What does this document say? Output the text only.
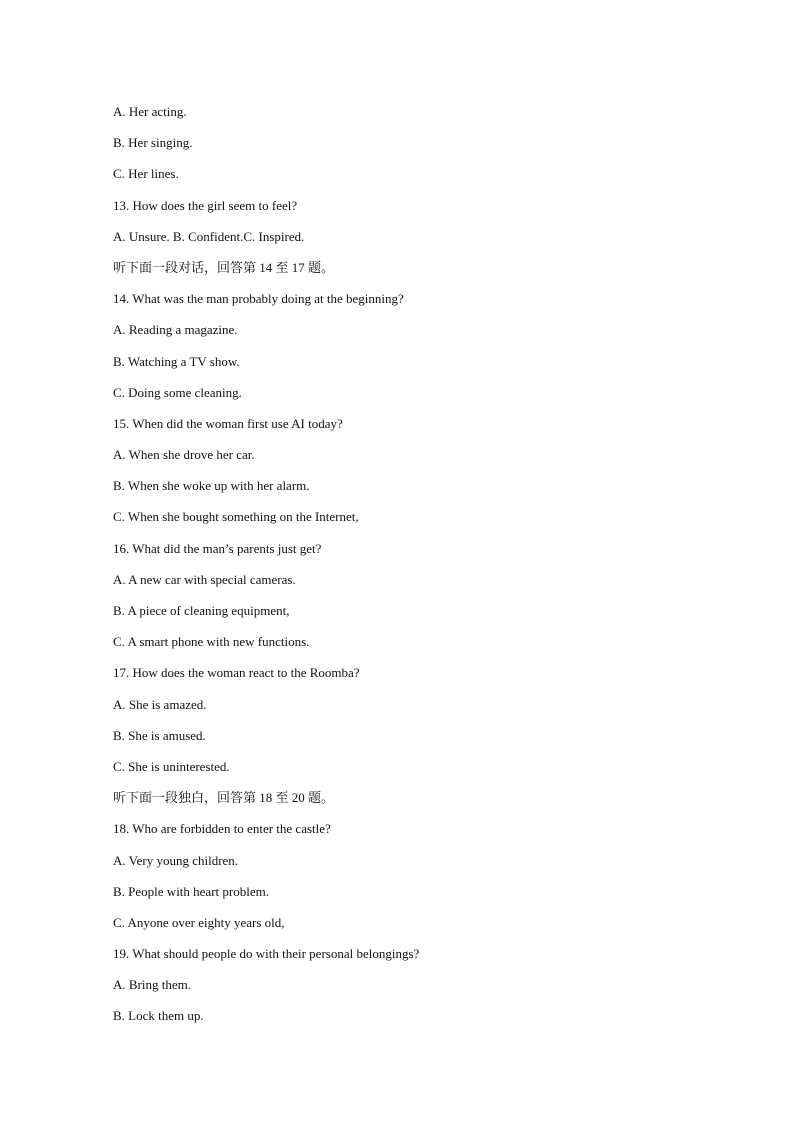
A. Her acting.
B. Her singing.
C. Her lines.
13. How does the girl seem to feel?
A. Unsure. B. Confident.C. Inspired.
听下面一段对话，回答第 14 至 17 题。
14. What was the man probably doing at the beginning?
A. Reading a magazine.
B. Watching a TV show.
C. Doing some cleaning.
15. When did the woman first use AI today?
A. When she drove her car.
B. When she woke up with her alarm.
C. When she bought something on the Internet,
16. What did the man’s parents just get?
A. A new car with special cameras.
B. A piece of cleaning equipment,
C. A smart phone with new functions.
17. How does the woman react to the Roomba?
A. She is amazed.
B. She is amused.
C. She is uninterested.
听下面一段独白，回答第 18 至 20 题。
18. Who are forbidden to enter the castle?
A. Very young children.
B. People with heart problem.
C. Anyone over eighty years old,
19. What should people do with their personal belongings?
A. Bring them.
B. Lock them up.
